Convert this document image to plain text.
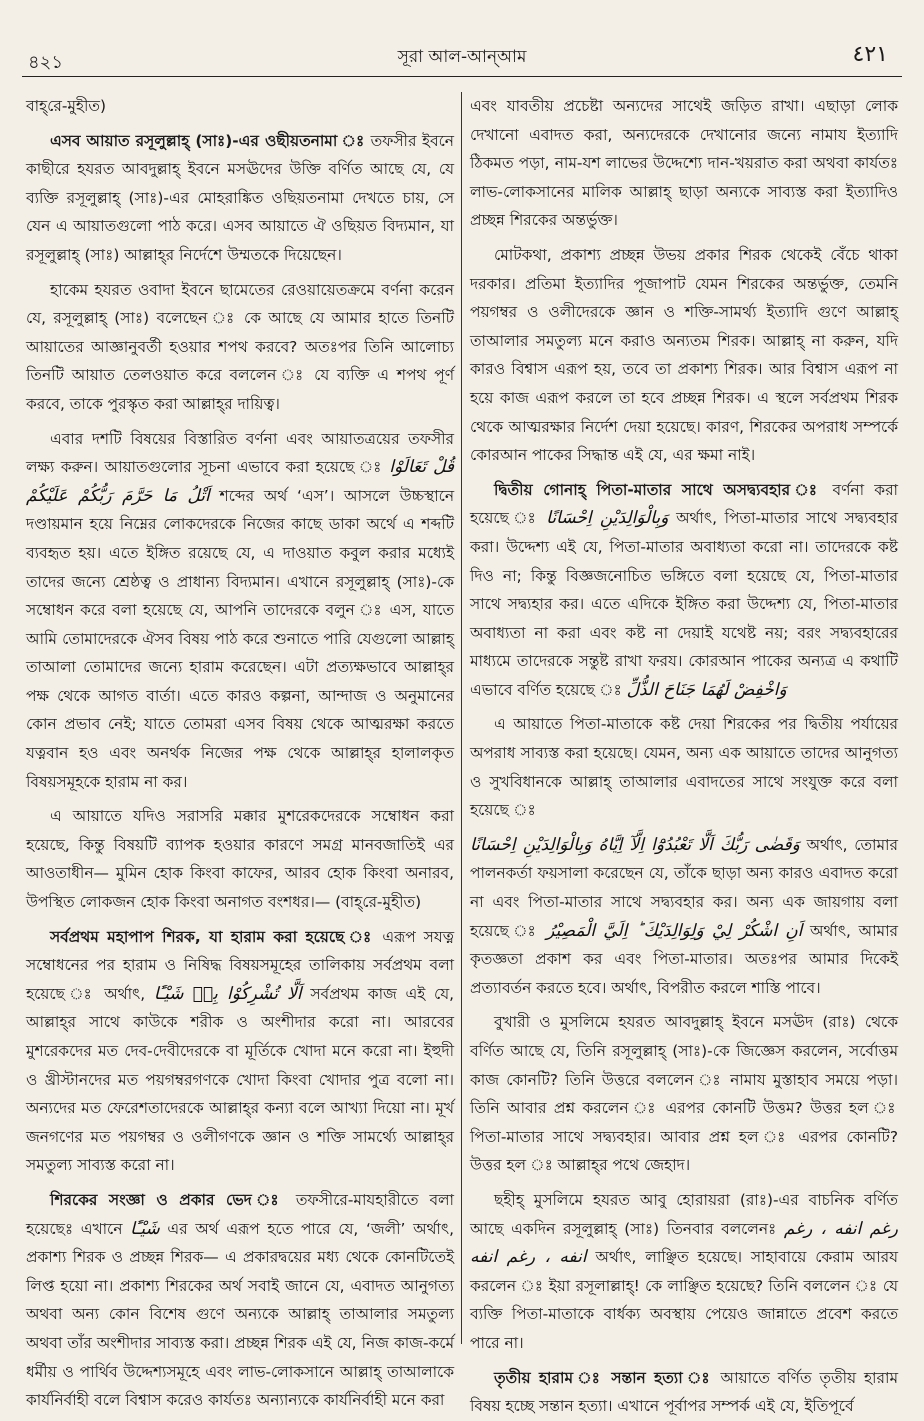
৪২১	সূরা আল-আন্‌আম	٤٢١

বাহ্‌রে-মুহীত)

এসব আয়াত রসূলুল্লাহ্‌ (সাঃ)-এর ওছীয়তনামা ঃ তফসীর ইবনে কাছীরে হযরত আবদুল্লাহ্‌ ইবনে মসঊদের উক্তি বর্ণিত আছে যে, যে ব্যক্তি রসূলুল্লাহ্‌ (সাঃ)-এর মোহরাঙ্কিত ওছিয়তনামা দেখতে চায়, সে যেন এ আয়াতগুলো পাঠ করে। এসব আয়াতে ঐ ওছিয়ত বিদ্যমান, যা রসূলুল্লাহ্‌ (সাঃ) আল্লাহ্‌র নির্দেশে উম্মতকে দিয়েছেন।

হাকেম হযরত ওবাদা ইবনে ছামেতের রেওয়ায়েতক্রমে বর্ণনা করেন যে, রসূলুল্লাহ্‌ (সাঃ) বলেছেন ঃ কে আছে যে আমার হাতে তিনটি আয়াতের আজ্ঞানুবর্তী হওয়ার শপথ করবে? অতঃপর তিনি আলোচ্য তিনটি আয়াত তেলওয়াত করে বললেন ঃ যে ব্যক্তি এ শপথ পূর্ণ করবে, তাকে পুরস্কৃত করা আল্লাহ্‌র দায়িত্ব।

এবার দশটি বিষয়ের বিস্তারিত বর্ণনা এবং আয়াতত্রয়ের তফসীর লক্ষ্য করুন। আয়াতগুলোর সূচনা এভাবে করা হয়েছে ঃ قُلْ تَعَالَوْا اَتْلُ مَا حَرَّمَ رَبُّكُمْ عَلَيْكُمْ শব্দের অর্থ ‘এস’। আসলে উচ্চস্থানে দণ্ডায়মান হয়ে নিম্নের লোকদেরকে নিজের কাছে ডাকা অর্থে এ শব্দটি ব্যবহৃত হয়। এতে ইঙ্গিত রয়েছে যে, এ দাওয়াত কবুল করার মধ্যেই তাদের জন্যে শ্রেষ্ঠত্ব ও প্রাধান্য বিদ্যমান। এখানে রসূলুল্লাহ্‌ (সাঃ)-কে সম্বোধন করে বলা হয়েছে যে, আপনি তাদেরকে বলুন ঃ এস, যাতে আমি তোমাদেরকে ঐসব বিষয় পাঠ করে শুনাতে পারি যেগুলো আল্লাহ্‌ তাআলা তোমাদের জন্যে হারাম করেছেন। এটা প্রত্যক্ষভাবে আল্লাহ্‌র পক্ষ থেকে আগত বার্তা। এতে কারও কল্পনা, আন্দাজ ও অনুমানের কোন প্রভাব নেই; যাতে তোমরা এসব বিষয় থেকে আত্মরক্ষা করতে যত্নবান হও এবং অনর্থক নিজের পক্ষ থেকে আল্লাহ্‌র হালালকৃত বিষয়সমূহকে হারাম না কর।

এ আয়াতে যদিও সরাসরি মক্কার মুশরেকদেরকে সম্বোধন করা হয়েছে, কিন্তু বিষয়টি ব্যাপক হওয়ার কারণে সমগ্র মানবজাতিই এর আওতাধীন— মুমিন হোক কিংবা কাফের, আরব হোক কিংবা অনারব, উপস্থিত লোকজন হোক কিংবা অনাগত বংশধর।— (বাহ্‌রে-মুহীত)

সর্বপ্রথম মহাপাপ শিরক, যা হারাম করা হয়েছে ঃ এরূপ সযত্ন সম্বোধনের পর হারাম ও নিষিদ্ধ বিষয়সমূহের তালিকায় সর্বপ্রথম বলা হয়েছে ঃ অর্থাৎ, اَلَّا تُشْرِكُوْا بِهٖ شَيْـًٔا সর্বপ্রথম কাজ এই যে, আল্লাহ্‌র সাথে কাউকে শরীক ও অংশীদার করো না। আরবের মুশরেকদের মত দেব-দেবীদেরকে বা মূর্তিকে খোদা মনে করো না। ইহুদী ও খ্রীস্টানদের মত পয়গম্বরগণকে খোদা কিংবা খোদার পুত্র বলো না। অন্যদের মত ফেরেশতাদেরকে আল্লাহ্‌র কন্যা বলে আখ্যা দিয়ো না। মূর্খ জনগণের মত পয়গম্বর ও ওলীগণকে জ্ঞান ও শক্তি সামর্থ্যে আল্লাহ্‌র সমতুল্য সাব্যস্ত করো না।

শিরকের সংজ্ঞা ও প্রকার ভেদ ঃ তফসীরে-মাযহারীতে বলা হয়েছেঃ এখানে شَيْـًٔا এর অর্থ এরূপ হতে পারে যে, ‘জলী’ অর্থাৎ, প্রকাশ্য শিরক ও প্রচ্ছন্ন শিরক— এ প্রকারদ্বয়ের মধ্য থেকে কোনটিতেই লিপ্ত হয়ো না। প্রকাশ্য শিরকের অর্থ সবাই জানে যে, এবাদত আনুগত্য অথবা অন্য কোন বিশেষ গুণে অন্যকে আল্লাহ্‌ তাআলার সমতুল্য অথবা তাঁর অংশীদার সাব্যস্ত করা। প্রচ্ছন্ন শিরক এই যে, নিজ কাজ-কর্মে ধর্মীয় ও পার্থিব উদ্দেশ্যসমূহে এবং লাভ-লোকসানে আল্লাহ্‌ তাআলাকে কার্যনির্বাহী বলে বিশ্বাস করেও কার্যতঃ অন্যান্যকে কার্যনির্বাহী মনে করা

এবং যাবতীয় প্রচেষ্টা অন্যদের সাথেই জড়িত রাখা। এছাড়া লোক দেখানো এবাদত করা, অন্যদেরকে দেখানোর জন্যে নামায ইত্যাদি ঠিকমত পড়া, নাম-যশ লাভের উদ্দেশ্যে দান-খয়রাত করা অথবা কার্যতঃ লাভ-লোকসানের মালিক আল্লাহ্‌ ছাড়া অন্যকে সাব্যস্ত করা ইত্যাদিও প্রচ্ছন্ন শিরকের অন্তর্ভুক্ত।

মোটকথা, প্রকাশ্য প্রচ্ছন্ন উভয় প্রকার শিরক থেকেই বেঁচে থাকা দরকার। প্রতিমা ইত্যাদির পূজাপাট যেমন শিরকের অন্তর্ভুক্ত, তেমনি পয়গম্বর ও ওলীদেরকে জ্ঞান ও শক্তি-সামর্থ্য ইত্যাদি গুণে আল্লাহ্‌ তাআলার সমতুল্য মনে করাও অন্যতম শিরক। আল্লাহ্‌ না করুন, যদি কারও বিশ্বাস এরূপ হয়, তবে তা প্রকাশ্য শিরক। আর বিশ্বাস এরূপ না হয়ে কাজ এরূপ করলে তা হবে প্রচ্ছন্ন শিরক। এ স্থলে সর্বপ্রথম শিরক থেকে আত্মরক্ষার নির্দেশ দেয়া হয়েছে। কারণ, শিরকের অপরাধ সম্পর্কে কোরআন পাকের সিদ্ধান্ত এই যে, এর ক্ষমা নাই।

দ্বিতীয় গোনাহ্‌ পিতা-মাতার সাথে অসদ্ব্যবহার ঃ বর্ণনা করা হয়েছে ঃ وَبِالْوَالِدَيْنِ اِحْسَانًا অর্থাৎ, পিতা-মাতার সাথে সদ্ব্যবহার করা। উদ্দেশ্য এই যে, পিতা-মাতার অবাধ্যতা করো না। তাদেরকে কষ্ট দিও না; কিন্তু বিজ্ঞজনোচিত ভঙ্গিতে বলা হয়েছে যে, পিতা-মাতার সাথে সদ্ব্যহার কর। এতে এদিকে ইঙ্গিত করা উদ্দেশ্য যে, পিতা-মাতার অবাধ্যতা না করা এবং কষ্ট না দেয়াই যথেষ্ট নয়; বরং সদ্ব্যবহারের মাধ্যমে তাদেরকে সন্তুষ্ট রাখা ফরয। কোরআন পাকের অন্যত্র এ কথাটি এভাবে বর্ণিত হয়েছে ঃ وَاخْفِضْ لَهُمَا جَنَاحَ الذُّلِّ

এ আয়াতে পিতা-মাতাকে কষ্ট দেয়া শিরকের পর দ্বিতীয় পর্যায়ের অপরাধ সাব্যস্ত করা হয়েছে। যেমন, অন্য এক আয়াতে তাদের আনুগত্য ও সুখবিধানকে আল্লাহ্‌ তাআলার এবাদতের সাথে সংযুক্ত করে বলা হয়েছে ঃ

وَقَضٰى رَبُّكَ اَلَّا تَعْبُدُوْٓا اِلَّآ اِيَّاهُ وَبِالْوَالِدَيْنِ اِحْسَانًا অর্থাৎ, তোমার পালনকর্তা ফয়সালা করেছেন যে, তাঁকে ছাড়া অন্য কারও এবাদত করো না এবং পিতা-মাতার সাথে সদ্ব্যবহার কর। অন্য এক জায়গায় বলা হয়েছে ঃ اَنِ اشْكُرْ لِيْ وَلِوَالِدَيْكَ ؕ اِلَيَّ الْمَصِيْرُ অর্থাৎ, আমার কৃতজ্ঞতা প্রকাশ কর এবং পিতা-মাতার। অতঃপর আমার দিকেই প্রত্যাবর্তন করতে হবে। অর্থাৎ, বিপরীত করলে শাস্তি পাবে।

বুখারী ও মুসলিমে হযরত আবদুল্লাহ্‌ ইবনে মসঊদ (রাঃ) থেকে বর্ণিত আছে যে, তিনি রসূলুল্লাহ্‌ (সাঃ)-কে জিজ্ঞেস করলেন, সর্বোত্তম কাজ কোনটি? তিনি উত্তরে বললেন ঃ নামায মুস্তাহাব সময়ে পড়া। তিনি আবার প্রশ্ন করলেন ঃ এরপর কোনটি উত্তম? উত্তর হল ঃ পিতা-মাতার সাথে সদ্ব্যবহার। আবার প্রশ্ন হল ঃ এরপর কোনটি? উত্তর হল ঃ আল্লাহ্‌র পথে জেহাদ।

ছহীহ্‌ মুসলিমে হযরত আবু হোরায়রা (রাঃ)-এর বাচনিক বর্ণিত আছে একদিন রসূলুল্লাহ্‌ (সাঃ) তিনবার বললেনঃ رغم انفه ، رغم انفه ، رغم انفه অর্থাৎ, লাঞ্ছিত হয়েছে। সাহাবায়ে কেরাম আরয করলেন ঃ ইয়া রসূলাল্লাহ্‌! কে লাঞ্ছিত হয়েছে? তিনি বললেন ঃ যে ব্যক্তি পিতা-মাতাকে বার্ধক্য অবস্থায় পেয়েও জান্নাতে প্রবেশ করতে পারে না।

তৃতীয় হারাম ঃ সন্তান হত্যা ঃ আয়াতে বর্ণিত তৃতীয় হারাম বিষয় হচ্ছে সন্তান হত্যা। এখানে পূর্বাপর সম্পর্ক এই যে, ইতিপূর্বে
